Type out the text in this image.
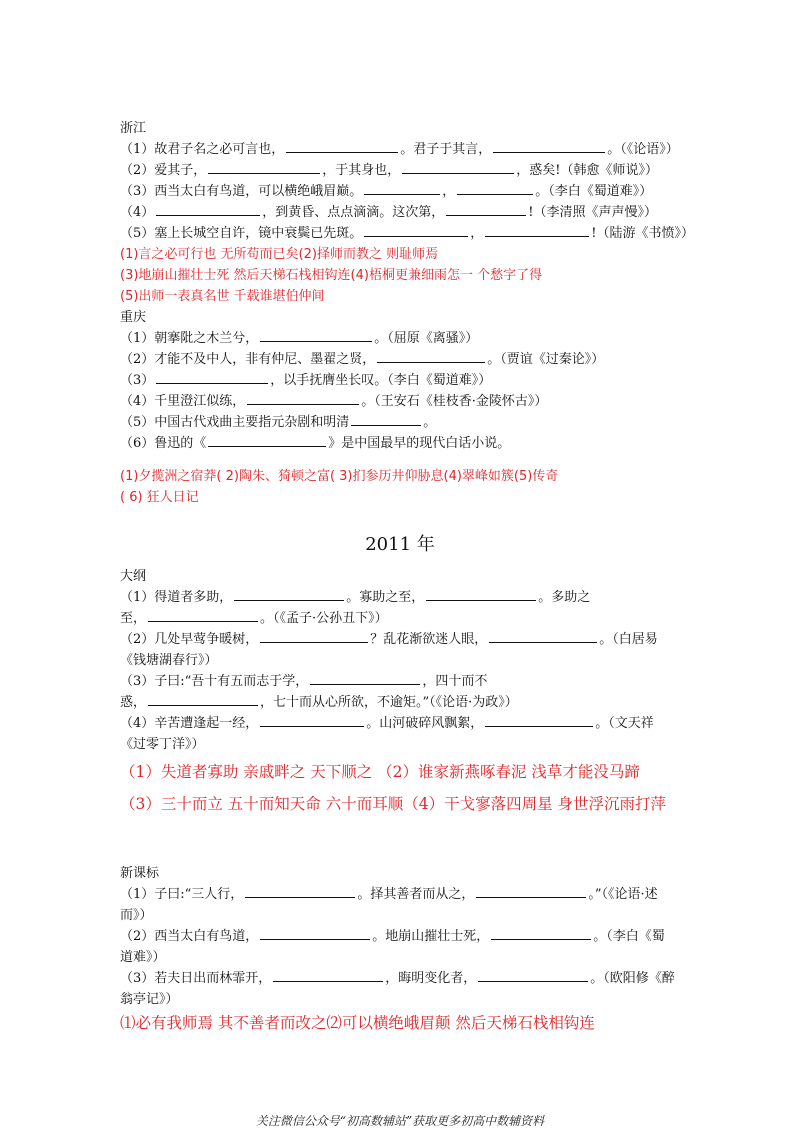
浙江
（1）故君子名之必可言也，	。君子于其言，	。（《论语》）
（2）爱其子，	，于其身也，	，惑矣!（韩愈《师说》）
（3）西当太白有鸟道，可以横绝峨眉巅。	，	。（李白《蜀道难》）
（4）	，到黄昏、点点滴滴。这次第，	!（李清照《声声慢》）
（5）塞上长城空自许，镜中衰鬓已先斑。	，	!（陆游《书愤》）
(1)言之必可行也 无所苟而已矣(2)择师而教之 则耻师焉
(3)地崩山摧壮士死 然后天梯石栈相钩连(4)梧桐更兼细雨怎一 个愁字了得
(5)出师一表真名世 千载谁堪伯仲间
重庆
（1）朝搴阰之木兰兮，	。（屈原《离骚》）
（2）才能不及中人，非有仲尼、墨翟之贤，	。（贾谊《过秦论》）
（3）	，以手抚膺坐长叹。（李白《蜀道难》）
（4）千里澄江似练，	。（王安石《桂枝香·金陵怀古》）
（5）中国古代戏曲主要指元杂剧和明清	。
（6）鲁迅的《	》是中国最早的现代白话小说。
(1)夕揽洲之宿莽( 2)陶朱、猗顿之富( 3)扪参历井仰胁息(4)翠峰如簇(5)传奇
( 6) 狂人日记
2011 年
大纲
（1）得道者多助，	。寡助之至，	。多助之
至，	。（《孟子·公孙丑下》）
（2）几处早莺争暖树，	？乱花渐欲迷人眼，	。（白居易
《钱塘湖春行》）
（3）子曰:“吾十有五而志于学，	，四十而不
惑，	，七十而从心所欲，不逾矩。”（《论语·为政》）
（4）辛苦遭逢起一经，	。山河破碎风飘絮，	。（文天祥
《过零丁洋》）
（1）失道者寡助 亲戚畔之 天下顺之 （2）谁家新燕啄春泥 浅草才能没马蹄
（3）三十而立 五十而知天命 六十而耳顺（4）干戈寥落四周星 身世浮沉雨打萍
新课标
（1）子曰:“三人行，	。择其善者而从之，	。”（《论语·述
而》）
（2）西当太白有鸟道，	。地崩山摧壮士死，	。（李白《蜀
道难》）
（3）若夫日出而林霏开，	，晦明变化者，	。（欧阳修《醉
翁亭记》）
⑴必有我师焉 其不善者而改之⑵可以横绝峨眉颠 然后天梯石栈相钩连
关注微信公众号“初高数辅站”获取更多初高中数辅资料
